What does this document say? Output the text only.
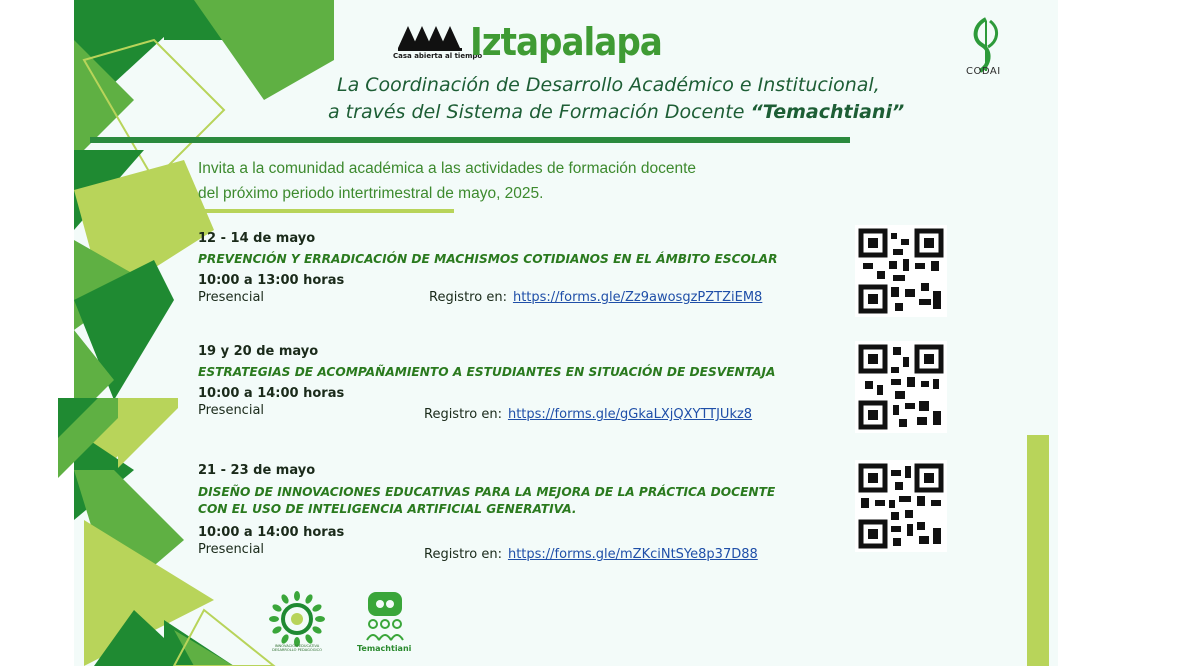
Casa abierta al tiempo
Iztapalapa
La Coordinación de Desarrollo Académico e Institucional,
a través del Sistema de Formación Docente “Temachtiani”
CODAI
Invita a la comunidad académica a las actividades de formación docente
del próximo periodo intertrimestral de mayo, 2025.
12 - 14 de mayo
PREVENCIÓN Y ERRADICACIÓN DE MACHISMOS COTIDIANOS EN EL ÁMBITO ESCOLAR
10:00 a 13:00 horas
Presencial	Registro en: https://forms.gle/Zz9awosgzPZTZiEM8
19 y 20 de mayo
ESTRATEGIAS DE ACOMPAÑAMIENTO A ESTUDIANTES EN SITUACIÓN DE DESVENTAJA
10:00 a 14:00 horas
Presencial	Registro en: https://forms.gle/gGkaLXjQXYTTJUkz8
21 - 23 de mayo
DISEÑO DE INNOVACIONES EDUCATIVAS PARA LA MEJORA DE LA PRÁCTICA DOCENTE
CON EL USO DE INTELIGENCIA ARTIFICIAL GENERATIVA.
10:00 a 14:00 horas
Presencial	Registro en: https://forms.gle/mZKciNtSYe8p37D88
INNOVACIÓN EDUCATIVA DESARROLLO PEDAGÓGICO	Temachtiani
